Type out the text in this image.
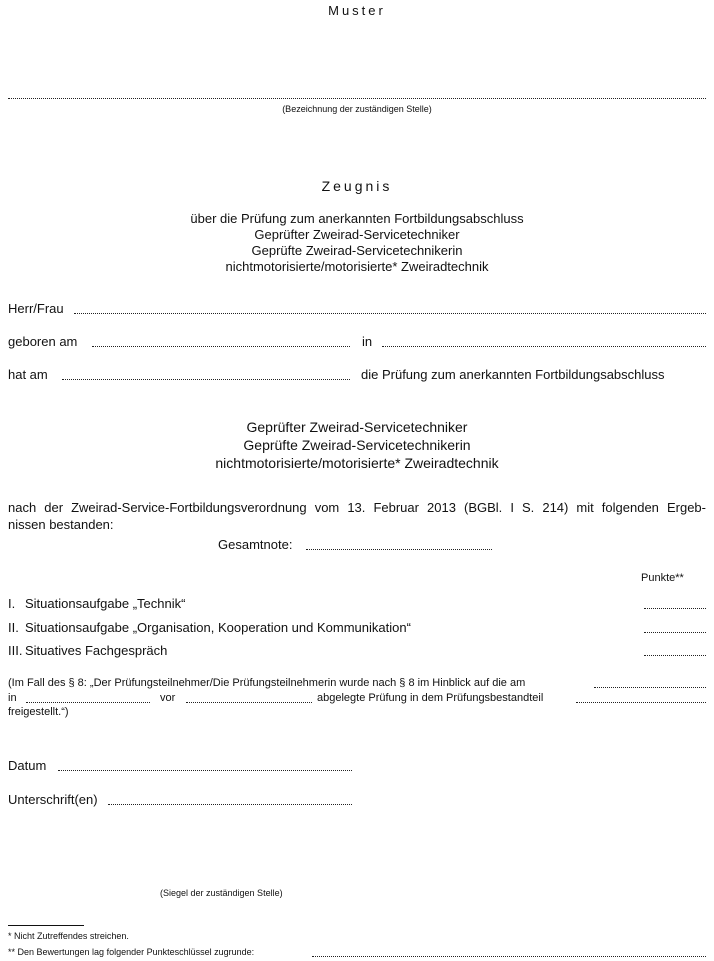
Muster
(Bezeichnung der zuständigen Stelle)
Zeugnis
über die Prüfung zum anerkannten Fortbildungsabschluss
Geprüfter Zweirad-Servicetechniker
Geprüfte Zweirad-Servicetechnikerin
nichtmotorisierte/motorisierte* Zweiradtechnik
Herr/Frau
geboren am	in
hat am	die Prüfung zum anerkannten Fortbildungsabschluss
Geprüfter Zweirad-Servicetechniker
Geprüfte Zweirad-Servicetechnikerin
nichtmotorisierte/motorisierte* Zweiradtechnik
nach der Zweirad-Service-Fortbildungsverordnung vom 13. Februar 2013 (BGBl. I S. 214) mit folgenden Ergeb-
nissen bestanden:
Gesamtnote:
Punkte**
I. Situationsaufgabe „Technik“
II. Situationsaufgabe „Organisation, Kooperation und Kommunikation“
III. Situatives Fachgespräch
(Im Fall des § 8: „Der Prüfungsteilnehmer/Die Prüfungsteilnehmerin wurde nach § 8 im Hinblick auf die am
in	vor	abgelegte Prüfung in dem Prüfungsbestandteil
freigestellt.“)
Datum
Unterschrift(en)
(Siegel der zuständigen Stelle)
* Nicht Zutreffendes streichen.
** Den Bewertungen lag folgender Punkteschlüssel zugrunde:
